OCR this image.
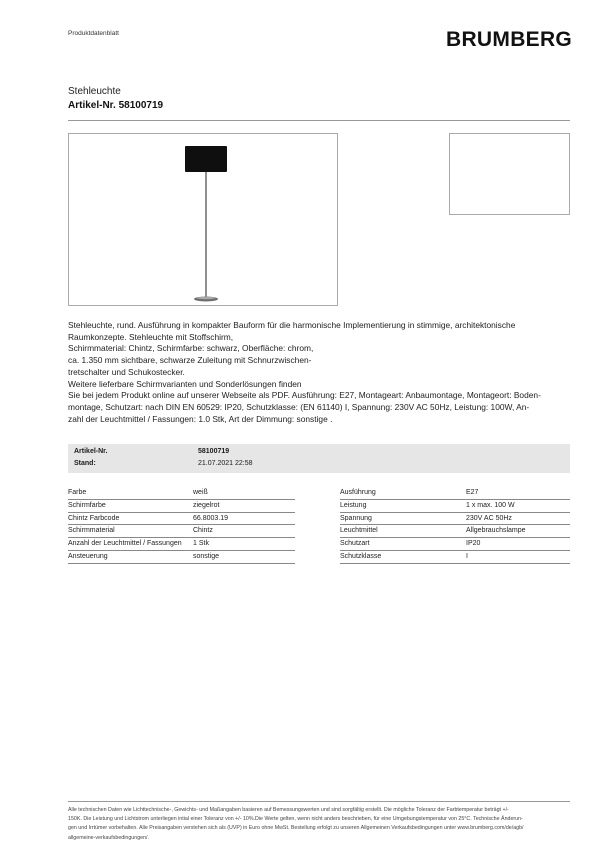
Produktdatenblatt	BRUMBERG
Stehleuchte
Artikel-Nr. 58100719

Stehleuchte, rund. Ausführung in kompakter Bauform für die harmonische Implementierung in stimmige, architektonische

Raumkonzepte. Stehleuchte mit Stoffschirm,

Schirmmaterial: Chintz, Schirmfarbe: schwarz, Oberfläche: chrom,

ca. 1.350 mm sichtbare, schwarze Zuleitung mit Schnurzwischen-

tretschalter und Schukostecker.

Weitere lieferbare Schirmvarianten und Sonderlösungen finden

Sie bei jedem Produkt online auf unserer Webseite als PDF. Ausführung: E27, Montageart: Anbaumontage, Montageort: Boden-

montage, Schutzart: nach DIN EN 60529: IP20, Schutzklasse: (EN 61140) I, Spannung: 230V AC 50Hz, Leistung: 100W, An-

zahl der Leuchtmittel / Fassungen: 1.0 Stk, Art der Dimmung: sonstige .

Artikel-Nr.	58100719
Stand:	21.07.2021 22:58
Farbe	weiß
Schirmfarbe	ziegelrot
Chintz Farbcode	66.8003.19
Schirmmaterial	Chintz
Anzahl der Leuchtmittel / Fassungen 1 Stk
Ansteuerung	sonstige
Ausführung	E27
Leistung	1 x max. 100 W
Spannung	230V AC 50Hz
Leuchtmittel	Allgebrauchslampe
Schutzart	IP20
Schutzklasse	I

Alle technischen Daten wie Lichttechnische-, Gewichts- und Maßangaben basieren auf Bemessungswerten und sind sorgfältig erstellt. Die mögliche Toleranz der Farbtemperatur beträgt +/-

150K. Die Leistung und Lichtstrom unterliegen intial einer Toleranz von +/- 10%.Die Werte gelten, wenn nicht anders beschrieben, für eine Umgebungstemperatur von 25°C. Technische Änderun-

gen und Irrtümer vorbehalten. Alle Preisangaben verstehen sich als (UVP) in Euro ohne MwSt. Bestellung erfolgt zu unseren Allgemeinen Verkaufsbedingungen unter www.brumberg.com/de/agb/

allgemeine-verkaufsbedingungen/.
